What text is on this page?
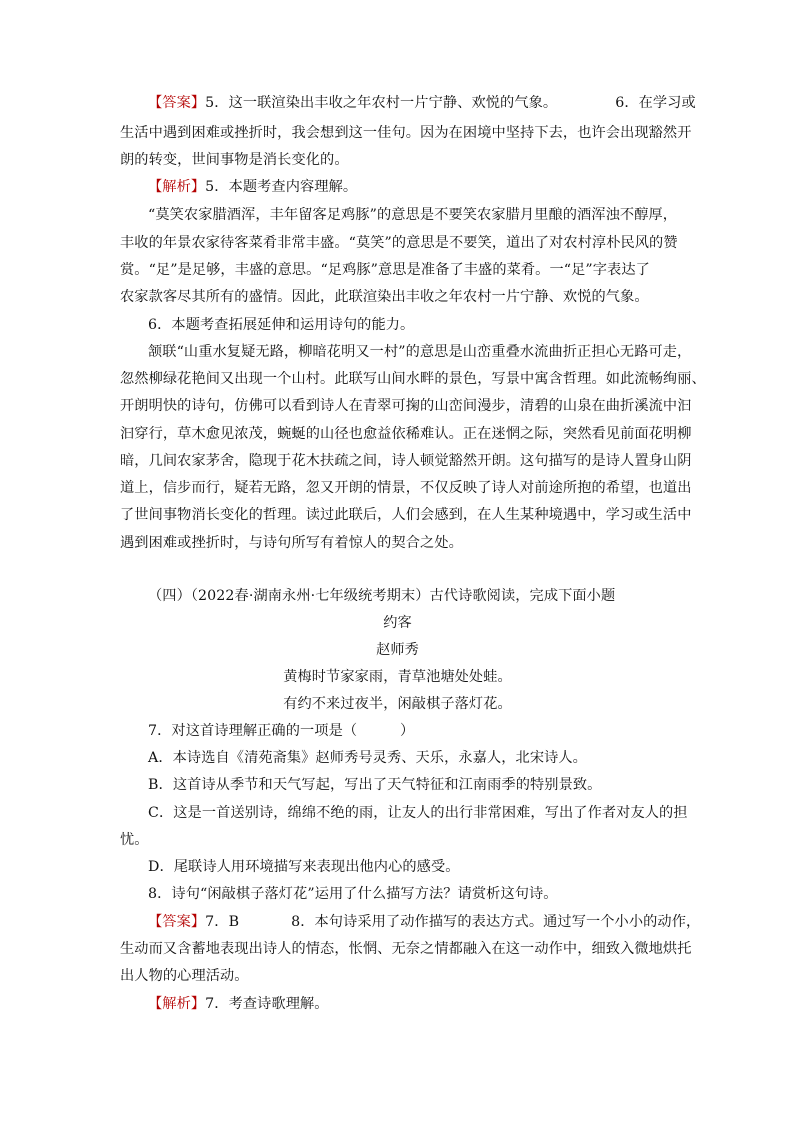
【答案】5．这一联渲染出丰收之年农村一片宁静、欢悦的气象。	6．在学习或
生活中遇到困难或挫折时，我会想到这一佳句。因为在困境中坚持下去，也许会出现豁然开
朗的转变，世间事物是消长变化的。
【解析】5．本题考查内容理解。
“莫笑农家腊酒浑，丰年留客足鸡豚”的意思是不要笑农家腊月里酿的酒浑浊不醇厚，
丰收的年景农家待客菜肴非常丰盛。“莫笑”的意思是不要笑，道出了对农村淳朴民风的赞
赏。“足”是足够，丰盛的意思。“足鸡豚”意思是准备了丰盛的菜肴。一“足”字表达了
农家款客尽其所有的盛情。因此，此联渲染出丰收之年农村一片宁静、欢悦的气象。
6．本题考查拓展延伸和运用诗句的能力。
颔联“山重水复疑无路，柳暗花明又一村”的意思是山峦重叠水流曲折正担心无路可走，
忽然柳绿花艳间又出现一个山村。此联写山间水畔的景色，写景中寓含哲理。如此流畅绚丽、
开朗明快的诗句，仿佛可以看到诗人在青翠可掬的山峦间漫步，清碧的山泉在曲折溪流中汩
汩穿行，草木愈见浓茂，蜿蜒的山径也愈益依稀难认。正在迷惘之际，突然看见前面花明柳
暗，几间农家茅舍，隐现于花木扶疏之间，诗人顿觉豁然开朗。这句描写的是诗人置身山阴
道上，信步而行，疑若无路，忽又开朗的情景，不仅反映了诗人对前途所抱的希望，也道出
了世间事物消长变化的哲理。读过此联后，人们会感到，在人生某种境遇中，学习或生活中
遇到困难或挫折时，与诗句所写有着惊人的契合之处。
（四）（2022春·湖南永州·七年级统考期末）古代诗歌阅读，完成下面小题
约客
赵师秀
黄梅时节家家雨，青草池塘处处蛙。
有约不来过夜半，闲敲棋子落灯花。
7．对这首诗理解正确的一项是（　　　）
A．本诗选自《清苑斋集》赵师秀号灵秀、天乐，永嘉人，北宋诗人。
B．这首诗从季节和天气写起，写出了天气特征和江南雨季的特别景致。
C．这是一首送别诗，绵绵不绝的雨，让友人的出行非常困难，写出了作者对友人的担
忧。
D．尾联诗人用环境描写来表现出他内心的感受。
8．诗句“闲敲棋子落灯花”运用了什么描写方法？请赏析这句诗。
【答案】7．B	8．本句诗采用了动作描写的表达方式。通过写一个小小的动作，
生动而又含蓄地表现出诗人的情态，怅惘、无奈之情都融入在这一动作中，细致入微地烘托
出人物的心理活动。
【解析】7．考查诗歌理解。
